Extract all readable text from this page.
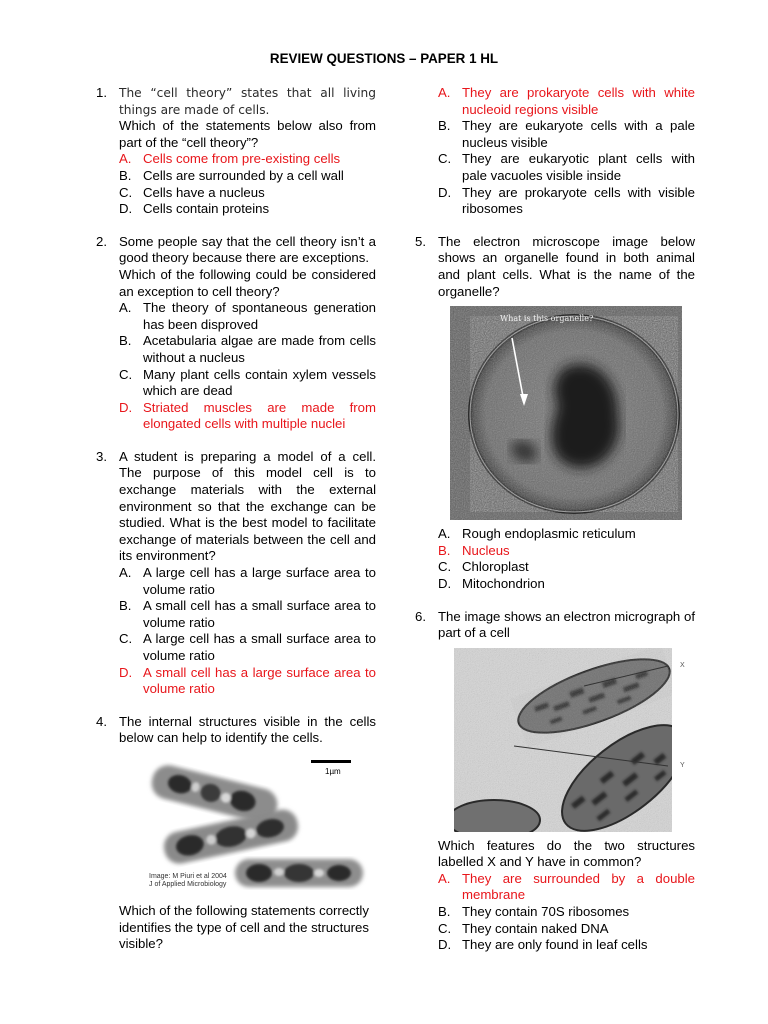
REVIEW QUESTIONS – PAPER 1 HL
1. The “cell theory” states that all living things are made of cells.

Which of the statements below also from part of the “cell theory”?

A. Cells come from pre-existing cells
B. Cells are surrounded by a cell wall
C. Cells have a nucleus
D. Cells contain proteins
2. Some people say that the cell theory isn’t a good theory because there are exceptions.

Which of the following could be considered an exception to cell theory?

A. The theory of spontaneous generation has been disproved
B. Acetabularia algae are made from cells without a nucleus
C. Many plant cells contain xylem vessels which are dead
D. Striated muscles are made from elongated cells with multiple nuclei
3. A student is preparing a model of a cell. The purpose of this model cell is to exchange materials with the external environment so that the exchange can be studied. What is the best model to facilitate exchange of materials between the cell and its environment?

A. A large cell has a large surface area to volume ratio
B. A small cell has a small surface area to volume ratio
C. A large cell has a small surface area to volume ratio
D. A small cell has a large surface area to volume ratio
4. The internal structures visible in the cells below can help to identify the cells.

1µm
Image: M Piuri et al 2004
J of Applied Microbiology

Which of the following statements correctly identifies the type of cell and the structures visible?

A. They are prokaryote cells with white nucleoid regions visible
B. They are eukaryote cells with a pale nucleus visible
C. They are eukaryotic plant cells with pale vacuoles visible inside
D. They are prokaryote cells with visible ribosomes
5. The electron microscope image below shows an organelle found in both animal and plant cells. What is the name of the organelle?

What is this organelle?
A. Rough endoplasmic reticulum
B. Nucleus
C. Chloroplast
D. Mitochondrion
6. The image shows an electron micrograph of part of a cell

X
Y

Which features do the two structures labelled X and Y have in common?

A. They are surrounded by a double membrane
B. They contain 70S ribosomes
C. They contain naked DNA
D. They are only found in leaf cells
